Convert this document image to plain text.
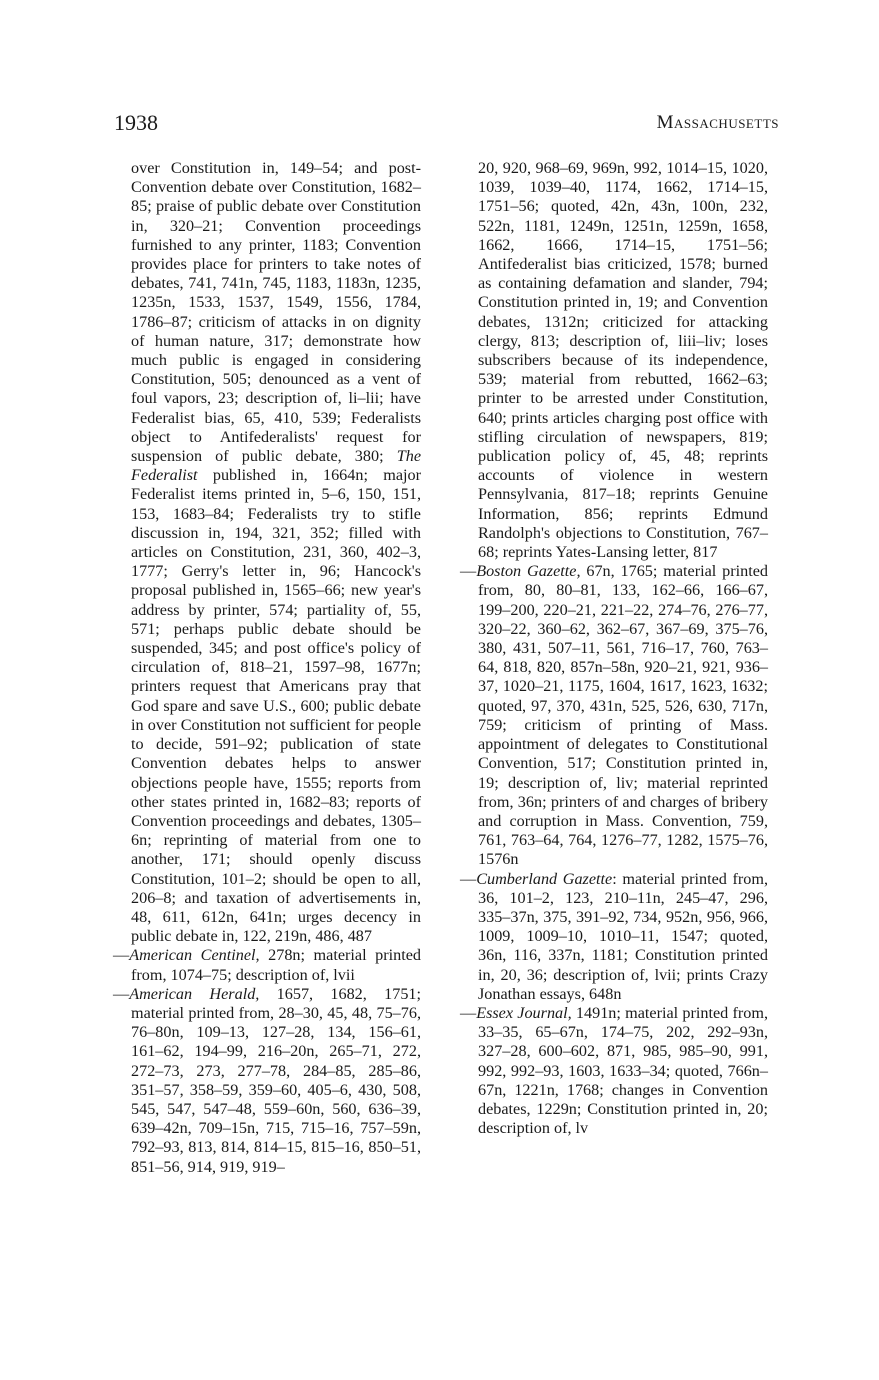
1938	Massachusetts

over Constitution in, 149–54; and post-Convention debate over Constitution, 1682–85; praise of public debate over Constitution in, 320–21; Convention proceedings furnished to any printer, 1183; Convention provides place for printers to take notes of debates, 741, 741n, 745, 1183, 1183n, 1235, 1235n, 1533, 1537, 1549, 1556, 1784, 1786–87; criticism of attacks in on dignity of human nature, 317; demonstrate how much public is engaged in considering Constitution, 505; denounced as a vent of foul vapors, 23; description of, li–lii; have Federalist bias, 65, 410, 539; Federalists object to Antifederalists' request for suspension of public debate, 380; The Federalist published in, 1664n; major Federalist items printed in, 5–6, 150, 151, 153, 1683–84; Federalists try to stifle discussion in, 194, 321, 352; filled with articles on Constitution, 231, 360, 402–3, 1777; Gerry's letter in, 96; Hancock's proposal published in, 1565–66; new year's address by printer, 574; partiality of, 55, 571; perhaps public debate should be suspended, 345; and post office's policy of circulation of, 818–21, 1597–98, 1677n; printers request that Americans pray that God spare and save U.S., 600; public debate in over Constitution not sufficient for people to decide, 591–92; publication of state Convention debates helps to answer objections people have, 1555; reports from other states printed in, 1682–83; reports of Convention proceedings and debates, 1305–6n; reprinting of material from one to another, 171; should openly discuss Constitution, 101–2; should be open to all, 206–8; and taxation of advertisements in, 48, 611, 612n, 641n; urges decency in public debate in, 122, 219n, 486, 487

—American Centinel, 278n; material printed from, 1074–75; description of, lvii

—American Herald, 1657, 1682, 1751; material printed from, 28–30, 45, 48, 75–76, 76–80n, 109–13, 127–28, 134, 156–61, 161–62, 194–99, 216–20n, 265–71, 272, 272–73, 273, 277–78, 284–85, 285–86, 351–57, 358–59, 359–60, 405–6, 430, 508, 545, 547, 547–48, 559–60n, 560, 636–39, 639–42n, 709–15n, 715, 715–16, 757–59n, 792–93, 813, 814, 814–15, 815–16, 850–51, 851–56, 914, 919, 919–

20, 920, 968–69, 969n, 992, 1014–15, 1020, 1039, 1039–40, 1174, 1662, 1714–15, 1751–56; quoted, 42n, 43n, 100n, 232, 522n, 1181, 1249n, 1251n, 1259n, 1658, 1662, 1666, 1714–15, 1751–56; Antifederalist bias criticized, 1578; burned as containing defamation and slander, 794; Constitution printed in, 19; and Convention debates, 1312n; criticized for attacking clergy, 813; description of, liii–liv; loses subscribers because of its independence, 539; material from rebutted, 1662–63; printer to be arrested under Constitution, 640; prints articles charging post office with stifling circulation of newspapers, 819; publication policy of, 45, 48; reprints accounts of violence in western Pennsylvania, 817–18; reprints Genuine Information, 856; reprints Edmund Randolph's objections to Constitution, 767–68; reprints Yates-Lansing letter, 817

—Boston Gazette, 67n, 1765; material printed from, 80, 80–81, 133, 162–66, 166–67, 199–200, 220–21, 221–22, 274–76, 276–77, 320–22, 360–62, 362–67, 367–69, 375–76, 380, 431, 507–11, 561, 716–17, 760, 763–64, 818, 820, 857n–58n, 920–21, 921, 936–37, 1020–21, 1175, 1604, 1617, 1623, 1632; quoted, 97, 370, 431n, 525, 526, 630, 717n, 759; criticism of printing of Mass. appointment of delegates to Constitutional Convention, 517; Constitution printed in, 19; description of, liv; material reprinted from, 36n; printers of and charges of bribery and corruption in Mass. Convention, 759, 761, 763–64, 764, 1276–77, 1282, 1575–76, 1576n

—Cumberland Gazette: material printed from, 36, 101–2, 123, 210–11n, 245–47, 296, 335–37n, 375, 391–92, 734, 952n, 956, 966, 1009, 1009–10, 1010–11, 1547; quoted, 36n, 116, 337n, 1181; Constitution printed in, 20, 36; description of, lvii; prints Crazy Jonathan essays, 648n

—Essex Journal, 1491n; material printed from, 33–35, 65–67n, 174–75, 202, 292–93n, 327–28, 600–602, 871, 985, 985–90, 991, 992, 992–93, 1603, 1633–34; quoted, 766n–67n, 1221n, 1768; changes in Convention debates, 1229n; Constitution printed in, 20; description of, lv
